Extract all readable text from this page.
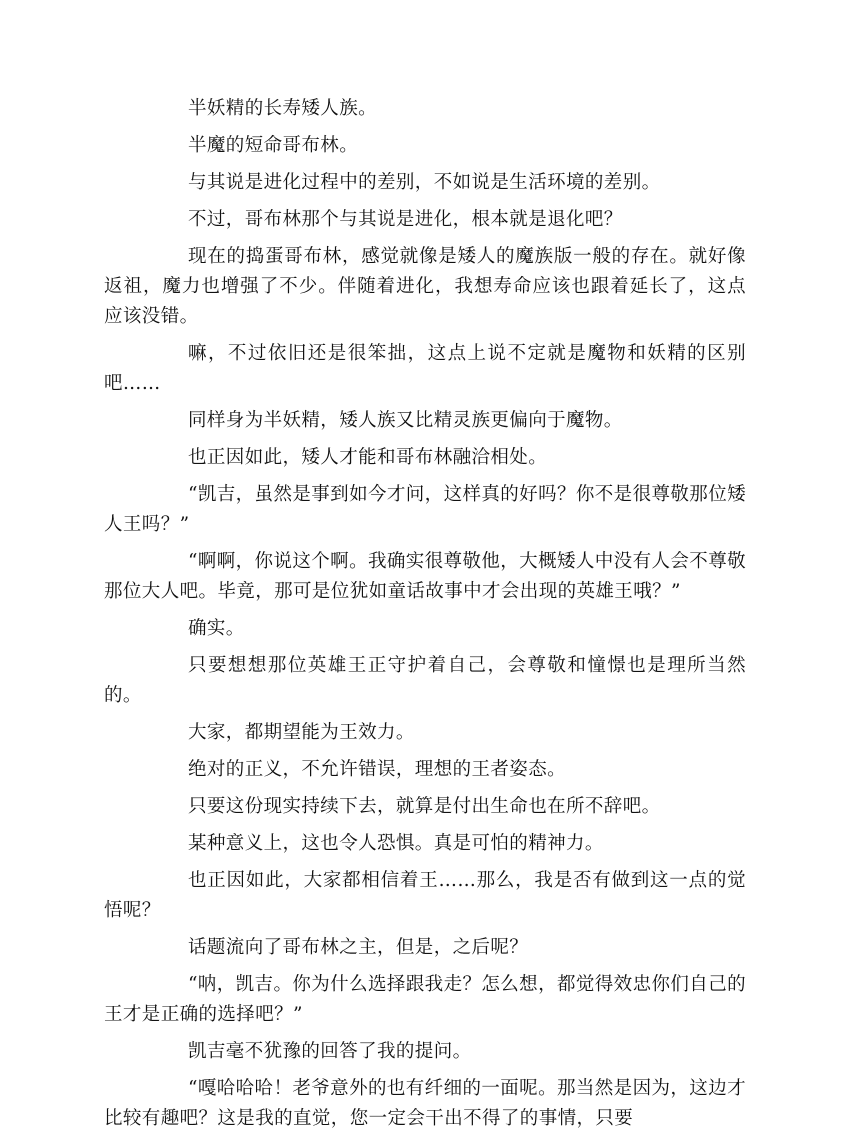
半妖精的长寿矮人族。

半魔的短命哥布林。

与其说是进化过程中的差别，不如说是生活环境的差别。

不过，哥布林那个与其说是进化，根本就是退化吧？

现在的捣蛋哥布林，感觉就像是矮人的魔族版一般的存在。就好像返祖，魔力也增强了不少。伴随着进化，我想寿命应该也跟着延长了，这点应该没错。

嘛，不过依旧还是很笨拙，这点上说不定就是魔物和妖精的区别吧……

同样身为半妖精，矮人族又比精灵族更偏向于魔物。

也正因如此，矮人才能和哥布林融洽相处。

“凯吉，虽然是事到如今才问，这样真的好吗？你不是很尊敬那位矮人王吗？”

“啊啊，你说这个啊。我确实很尊敬他，大概矮人中没有人会不尊敬那位大人吧。毕竟，那可是位犹如童话故事中才会出现的英雄王哦？”

确实。

只要想想那位英雄王正守护着自己，会尊敬和憧憬也是理所当然的。

大家，都期望能为王效力。

绝对的正义，不允许错误，理想的王者姿态。

只要这份现实持续下去，就算是付出生命也在所不辞吧。

某种意义上，这也令人恐惧。真是可怕的精神力。

也正因如此，大家都相信着王……那么，我是否有做到这一点的觉悟呢？

话题流向了哥布林之主，但是，之后呢？

“呐，凯吉。你为什么选择跟我走？怎么想，都觉得效忠你们自己的王才是正确的选择吧？”

凯吉毫不犹豫的回答了我的提问。

“嘎哈哈哈！老爷意外的也有纤细的一面呢。那当然是因为，这边才比较有趣吧？这是我的直觉，您一定会干出不得了的事情，只要
